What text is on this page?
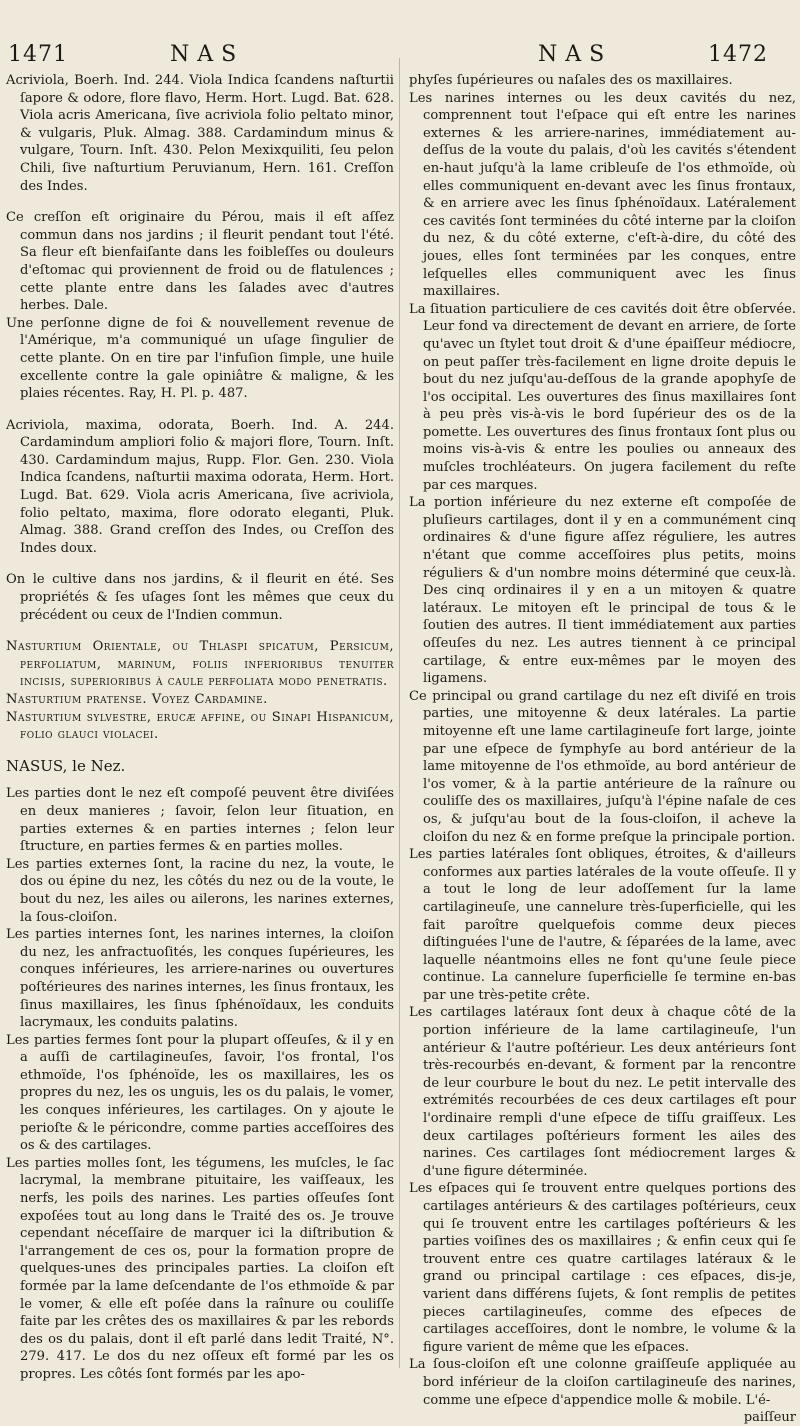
1471	NAS	NAS	1472

Acriviola, Boerh. Ind. 244. Viola Indica ſcandens naſturtii ſapore & odore, flore flavo, Herm. Hort. Lugd. Bat. 628. Viola acris Americana, ſive acriviola folio peltato minor, & vulgaris, Pluk. Almag. 388. Cardamindum minus & vulgare, Tourn. Inſt. 430. Pelon Mexixquiliti, ſeu pelon Chili, ſive naſturtium Peruvianum, Hern. 161. Creſſon des Indes.

Ce creſſon eſt originaire du Pérou, mais il eſt aſſez commun dans nos jardins ; il fleurit pendant tout l'été. Sa fleur eſt bienfaiſante dans les foibleſſes ou douleurs d'eſtomac qui proviennent de froid ou de flatulences ; cette plante entre dans les ſalades avec d'autres herbes. Dale.

Une perſonne digne de foi & nouvellement revenue de l'Amérique, m'a communiqué un uſage ſingulier de cette plante. On en tire par l'infuſion ſimple, une huile excellente contre la gale opiniâtre & maligne, & les plaies récentes. Ray, H. Pl. p. 487.

Acriviola, maxima, odorata, Boerh. Ind. A. 244. Cardamindum ampliori folio & majori flore, Tourn. Inſt. 430. Cardamindum majus, Rupp. Flor. Gen. 230. Viola Indica ſcandens, naſturtii maxima odorata, Herm. Hort. Lugd. Bat. 629. Viola acris Americana, ſive acriviola, folio peltato, maxima, flore odorato eleganti, Pluk. Almag. 388. Grand creſſon des Indes, ou Creſſon des Indes doux.

On le cultive dans nos jardins, & il fleurit en été. Ses propriétés & ſes uſages ſont les mêmes que ceux du précédent ou ceux de l'Indien commun.

Nasturtium Orientale, ou Thlaſpi ſpicatum, Perſicum, perfoliatum, marinum, foliis inferioribus tenuiter inciſis, ſuperioribus à caule perfoliata modo penetratis.

Nasturtium pratense. Voyez Cardamine.

Nasturtium sylvestre, erucæ affine, ou Sinapi Hiſpanicum, folio glauci violacei.

NASUS, le Nez.

Les parties dont le nez eſt compoſé peuvent être diviſées en deux manieres ; ſavoir, ſelon leur ſituation, en parties externes & en parties internes ; ſelon leur ſtructure, en parties fermes & en parties molles.

Les parties externes ſont, la racine du nez, la voute, le dos ou épine du nez, les côtés du nez ou de la voute, le bout du nez, les ailes ou ailerons, les narines externes, la ſous-cloiſon.

Les parties internes ſont, les narines internes, la cloiſon du nez, les anfractuoſités, les conques ſupérieures, les conques inférieures, les arriere-narines ou ouvertures poſtérieures des narines internes, les ſinus frontaux, les ſinus maxillaires, les ſinus ſphénoïdaux, les conduits lacrymaux, les conduits palatins.

Les parties fermes ſont pour la plupart oſſeuſes, & il y en a auſſi de cartilagineuſes, ſavoir, l'os frontal, l'os ethmoïde, l'os ſphénoïde, les os maxillaires, les os propres du nez, les os unguis, les os du palais, le vomer, les conques inférieures, les cartilages. On y ajoute le perioſte & le péricondre, comme parties acceſſoires des os & des cartilages.

Les parties molles ſont, les tégumens, les muſcles, le ſac lacrymal, la membrane pituitaire, les vaiſſeaux, les nerfs, les poils des narines. Les parties oſſeuſes ſont expoſées tout au long dans le Traité des os. Je trouve cependant néceſſaire de marquer ici la diſtribution & l'arrangement de ces os, pour la formation propre de quelques-unes des principales parties. La cloiſon eſt formée par la lame deſcendante de l'os ethmoïde & par le vomer, & elle eſt poſée dans la raînure ou couliſſe faite par les crêtes des os maxillaires & par les rebords des os du palais, dont il eſt parlé dans ledit Traité, N°. 279. 417. Le dos du nez oſſeux eſt formé par les os propres. Les côtés ſont formés par les apo-

phyſes ſupérieures ou naſales des os maxillaires.

Les narines internes ou les deux cavités du nez, comprennent tout l'eſpace qui eſt entre les narines externes & les arriere-narines, immédiatement au-deſſus de la voute du palais, d'où les cavités s'étendent en-haut juſqu'à la lame cribleuſe de l'os ethmoïde, où elles communiquent en-devant avec les ſinus frontaux, & en arriere avec les ſinus ſphénoïdaux. Latéralement ces cavités ſont terminées du côté interne par la cloiſon du nez, & du côté externe, c'eſt-à-dire, du côté des joues, elles ſont terminées par les conques, entre leſquelles elles communiquent avec les ſinus maxillaires.

La ſituation particuliere de ces cavités doit être obſervée. Leur fond va directement de devant en arriere, de ſorte qu'avec un ſtylet tout droit & d'une épaiſſeur médiocre, on peut paſſer très-facilement en ligne droite depuis le bout du nez juſqu'au-deſſous de la grande apophyſe de l'os occipital. Les ouvertures des ſinus maxillaires ſont à peu près vis-à-vis le bord ſupérieur des os de la pomette. Les ouvertures des ſinus frontaux ſont plus ou moins vis-à-vis & entre les poulies ou anneaux des muſcles trochléateurs. On jugera facilement du reſte par ces marques.

La portion inférieure du nez externe eſt compoſée de pluſieurs cartilages, dont il y en a communément cinq ordinaires & d'une figure aſſez réguliere, les autres n'étant que comme acceſſoires plus petits, moins réguliers & d'un nombre moins déterminé que ceux-là. Des cinq ordinaires il y en a un mitoyen & quatre latéraux. Le mitoyen eſt le principal de tous & le ſoutien des autres. Il tient immédiatement aux parties oſſeuſes du nez. Les autres tiennent à ce principal cartilage, & entre eux-mêmes par le moyen des ligamens.

Ce principal ou grand cartilage du nez eſt diviſé en trois parties, une mitoyenne & deux latérales. La partie mitoyenne eſt une lame cartilagineuſe fort large, jointe par une eſpece de ſymphyſe au bord antérieur de la lame mitoyenne de l'os ethmoïde, au bord antérieur de l'os vomer, & à la partie antérieure de la raînure ou couliſſe des os maxillaires, juſqu'à l'épine naſale de ces os, & juſqu'au bout de la ſous-cloiſon, il acheve la cloiſon du nez & en forme preſque la principale portion.

Les parties latérales ſont obliques, étroites, & d'ailleurs conformes aux parties latérales de la voute oſſeuſe. Il y a tout le long de leur adoſſement ſur la lame cartilagineuſe, une cannelure très-ſuperficielle, qui les fait paroître quelquefois comme deux pieces diſtinguées l'une de l'autre, & ſéparées de la lame, avec laquelle néantmoins elles ne font qu'une ſeule piece continue. La cannelure ſuperficielle ſe termine en-bas par une très-petite crête.

Les cartilages latéraux ſont deux à chaque côté de la portion inférieure de la lame cartilagineuſe, l'un antérieur & l'autre poſtérieur. Les deux antérieurs ſont très-recourbés en-devant, & forment par la rencontre de leur courbure le bout du nez. Le petit intervalle des extrémités recourbées de ces deux cartilages eſt pour l'ordinaire rempli d'une eſpece de tiſſu graiſſeux. Les deux cartilages poſtérieurs forment les ailes des narines. Ces cartilages ſont médiocrement larges & d'une figure déterminée.

Les eſpaces qui ſe trouvent entre quelques portions des cartilages antérieurs & des cartilages poſtérieurs, ceux qui ſe trouvent entre les cartilages poſtérieurs & les parties voiſines des os maxillaires ; & enfin ceux qui ſe trouvent entre ces quatre cartilages latéraux & le grand ou principal cartilage : ces eſpaces, dis-je, varient dans différens ſujets, & ſont remplis de petites pieces cartilagineuſes, comme des eſpeces de cartilages acceſſoires, dont le nombre, le volume & la figure varient de même que les eſpaces.

La ſous-cloiſon eſt une colonne graiſſeuſe appliquée au bord inférieur de la cloiſon cartilagineuſe des narines, comme une eſpece d'appendice molle & mobile. L'é-

paiſſeur
